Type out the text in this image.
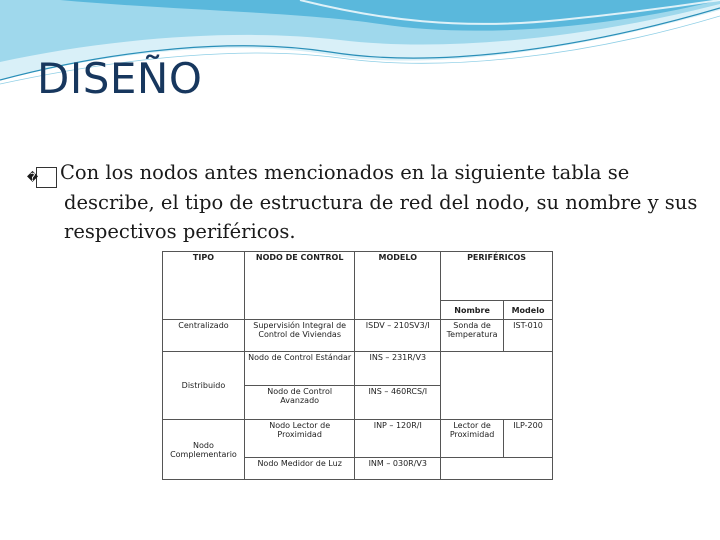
DISEÑO
� Con los nodos antes mencionados en la siguiente tabla se describe, el tipo de estructura de red del nodo, su nombre y sus respectivos periféricos.
TIPO	NODO DE CONTROL	MODELO	PERIFÉRICOS	
			Nombre	Modelo
Centralizado	Supervisión Integral de Control de Viviendas	ISDV – 210SV3/I	Sonda de Temperatura	IST-010
Distribuido	Nodo de Control Estándar	INS – 231R/V3		
	Nodo de Control Avanzado	INS – 460RCS/I		
Nodo Complementario	Nodo Lector de Proximidad	INP – 120R/I	Lector de Proximidad	ILP-200
	Nodo Medidor de Luz	INM – 030R/V3		
